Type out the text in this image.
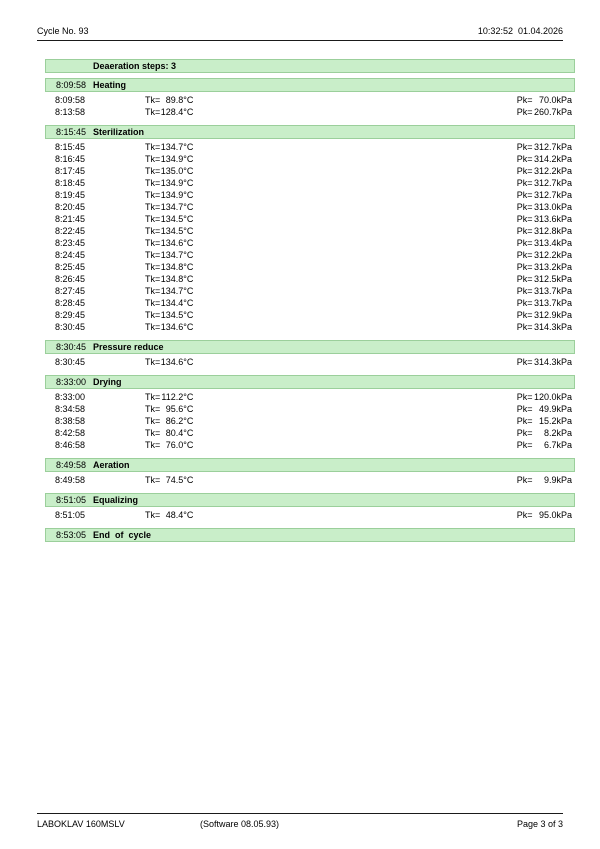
Cycle No. 93	10:32:52  01.04.2026
Deaeration steps: 3
8:09:58 Heating
8:09:58	Tk= 89.8°C	Pk= 70.0kPa
8:13:58	Tk=128.4°C	Pk=260.7kPa
8:15:45 Sterilization
8:15:45	Tk=134.7°C	Pk=312.7kPa
8:16:45	Tk=134.9°C	Pk=314.2kPa
8:17:45	Tk=135.0°C	Pk=312.2kPa
8:18:45	Tk=134.9°C	Pk=312.7kPa
8:19:45	Tk=134.9°C	Pk=312.7kPa
8:20:45	Tk=134.7°C	Pk=313.0kPa
8:21:45	Tk=134.5°C	Pk=313.6kPa
8:22:45	Tk=134.5°C	Pk=312.8kPa
8:23:45	Tk=134.6°C	Pk=313.4kPa
8:24:45	Tk=134.7°C	Pk=312.2kPa
8:25:45	Tk=134.8°C	Pk=313.2kPa
8:26:45	Tk=134.8°C	Pk=312.5kPa
8:27:45	Tk=134.7°C	Pk=313.7kPa
8:28:45	Tk=134.4°C	Pk=313.7kPa
8:29:45	Tk=134.5°C	Pk=312.9kPa
8:30:45	Tk=134.6°C	Pk=314.3kPa
8:30:45 Pressure reduce
8:30:45	Tk=134.6°C	Pk=314.3kPa
8:33:00 Drying
8:33:00	Tk=112.2°C	Pk=120.0kPa
8:34:58	Tk= 95.6°C	Pk= 49.9kPa
8:38:58	Tk= 86.2°C	Pk= 15.2kPa
8:42:58	Tk= 80.4°C	Pk= 8.2kPa
8:46:58	Tk= 76.0°C	Pk= 6.7kPa
8:49:58 Aeration
8:49:58	Tk= 74.5°C	Pk= 9.9kPa
8:51:05 Equalizing
8:51:05	Tk= 48.4°C	Pk= 95.0kPa
8:53:05 End  of  cycle
LABOKLAV 160MSLV	(Software 08.05.93)	Page 3 of 3
